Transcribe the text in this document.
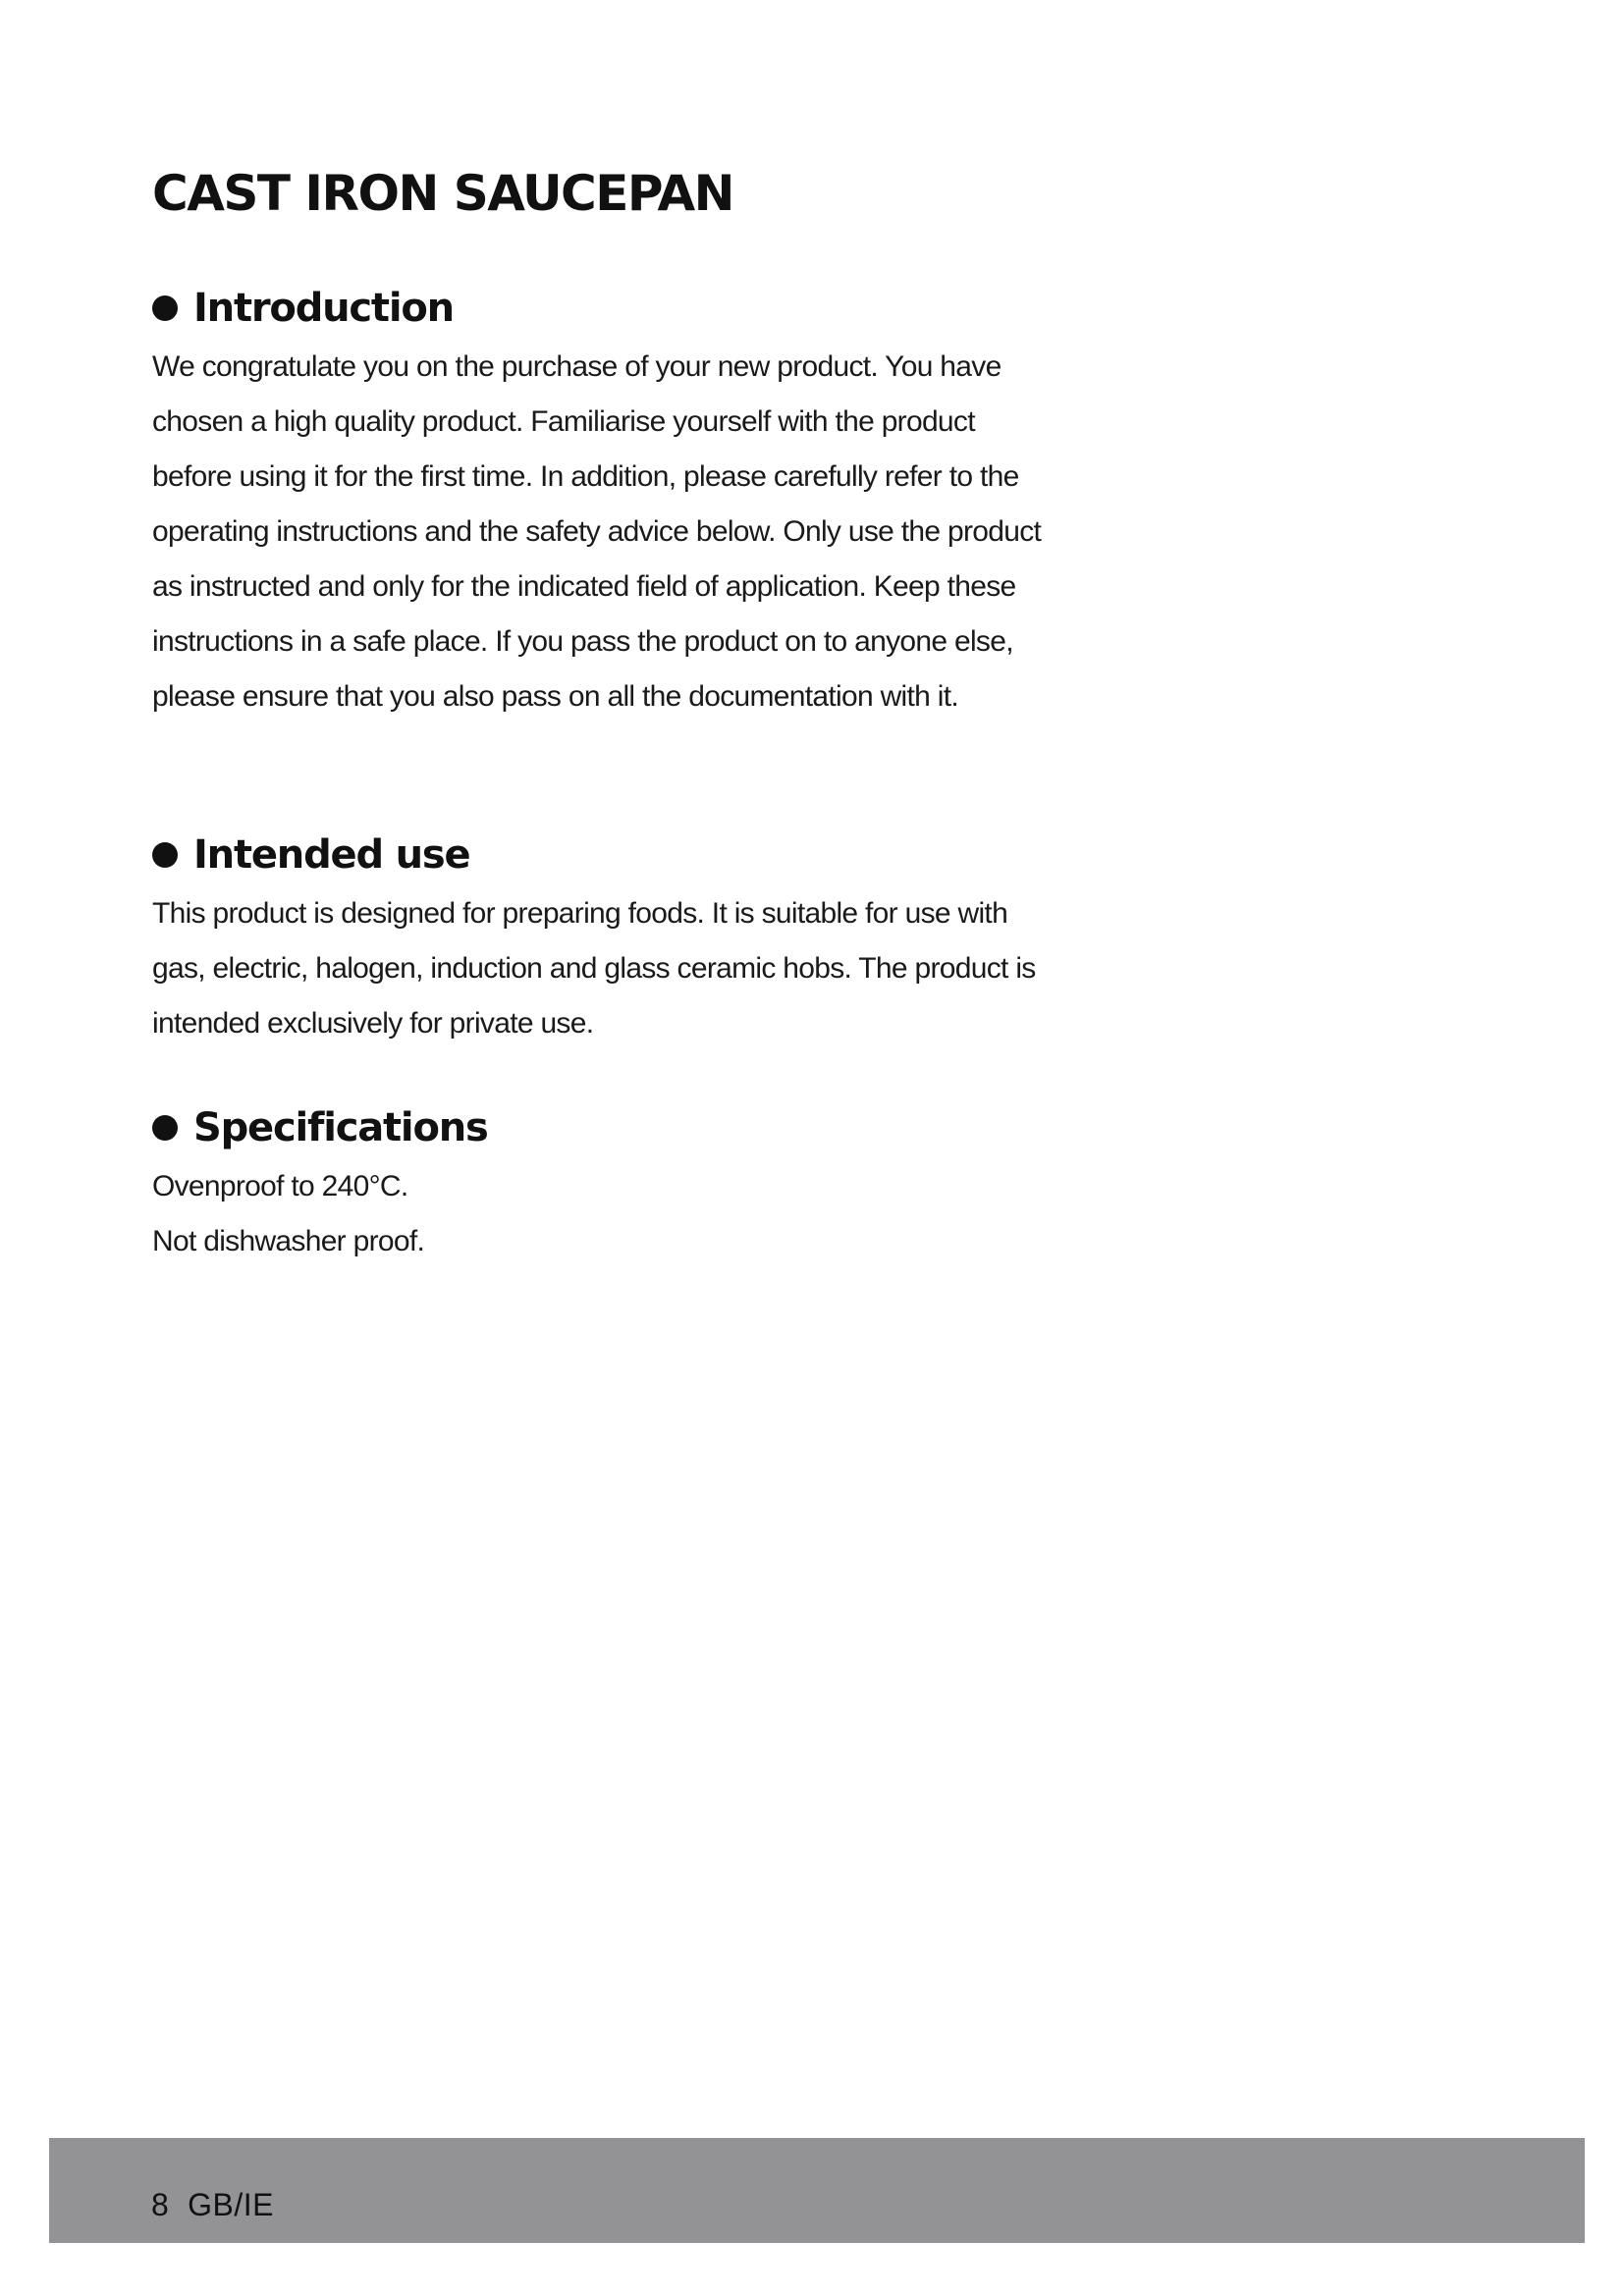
CAST IRON SAUCEPAN
Introduction

We congratulate you on the purchase of your new product. You have chosen a high quality product. Familiarise yourself with the product before using it for the first time. In addition, please carefully refer to the operating instructions and the safety advice below. Only use the product as instructed and only for the indicated field of application. Keep these instructions in a safe place. If you pass the product on to anyone else, please ensure that you also pass on all the documentation with it.

Intended use

This product is designed for preparing foods. It is suitable for use with gas, electric, halogen, induction and glass ceramic hobs. The product is intended exclusively for private use.

Specifications

Ovenproof to 240°C.
Not dishwasher proof.

8 GB/IE
